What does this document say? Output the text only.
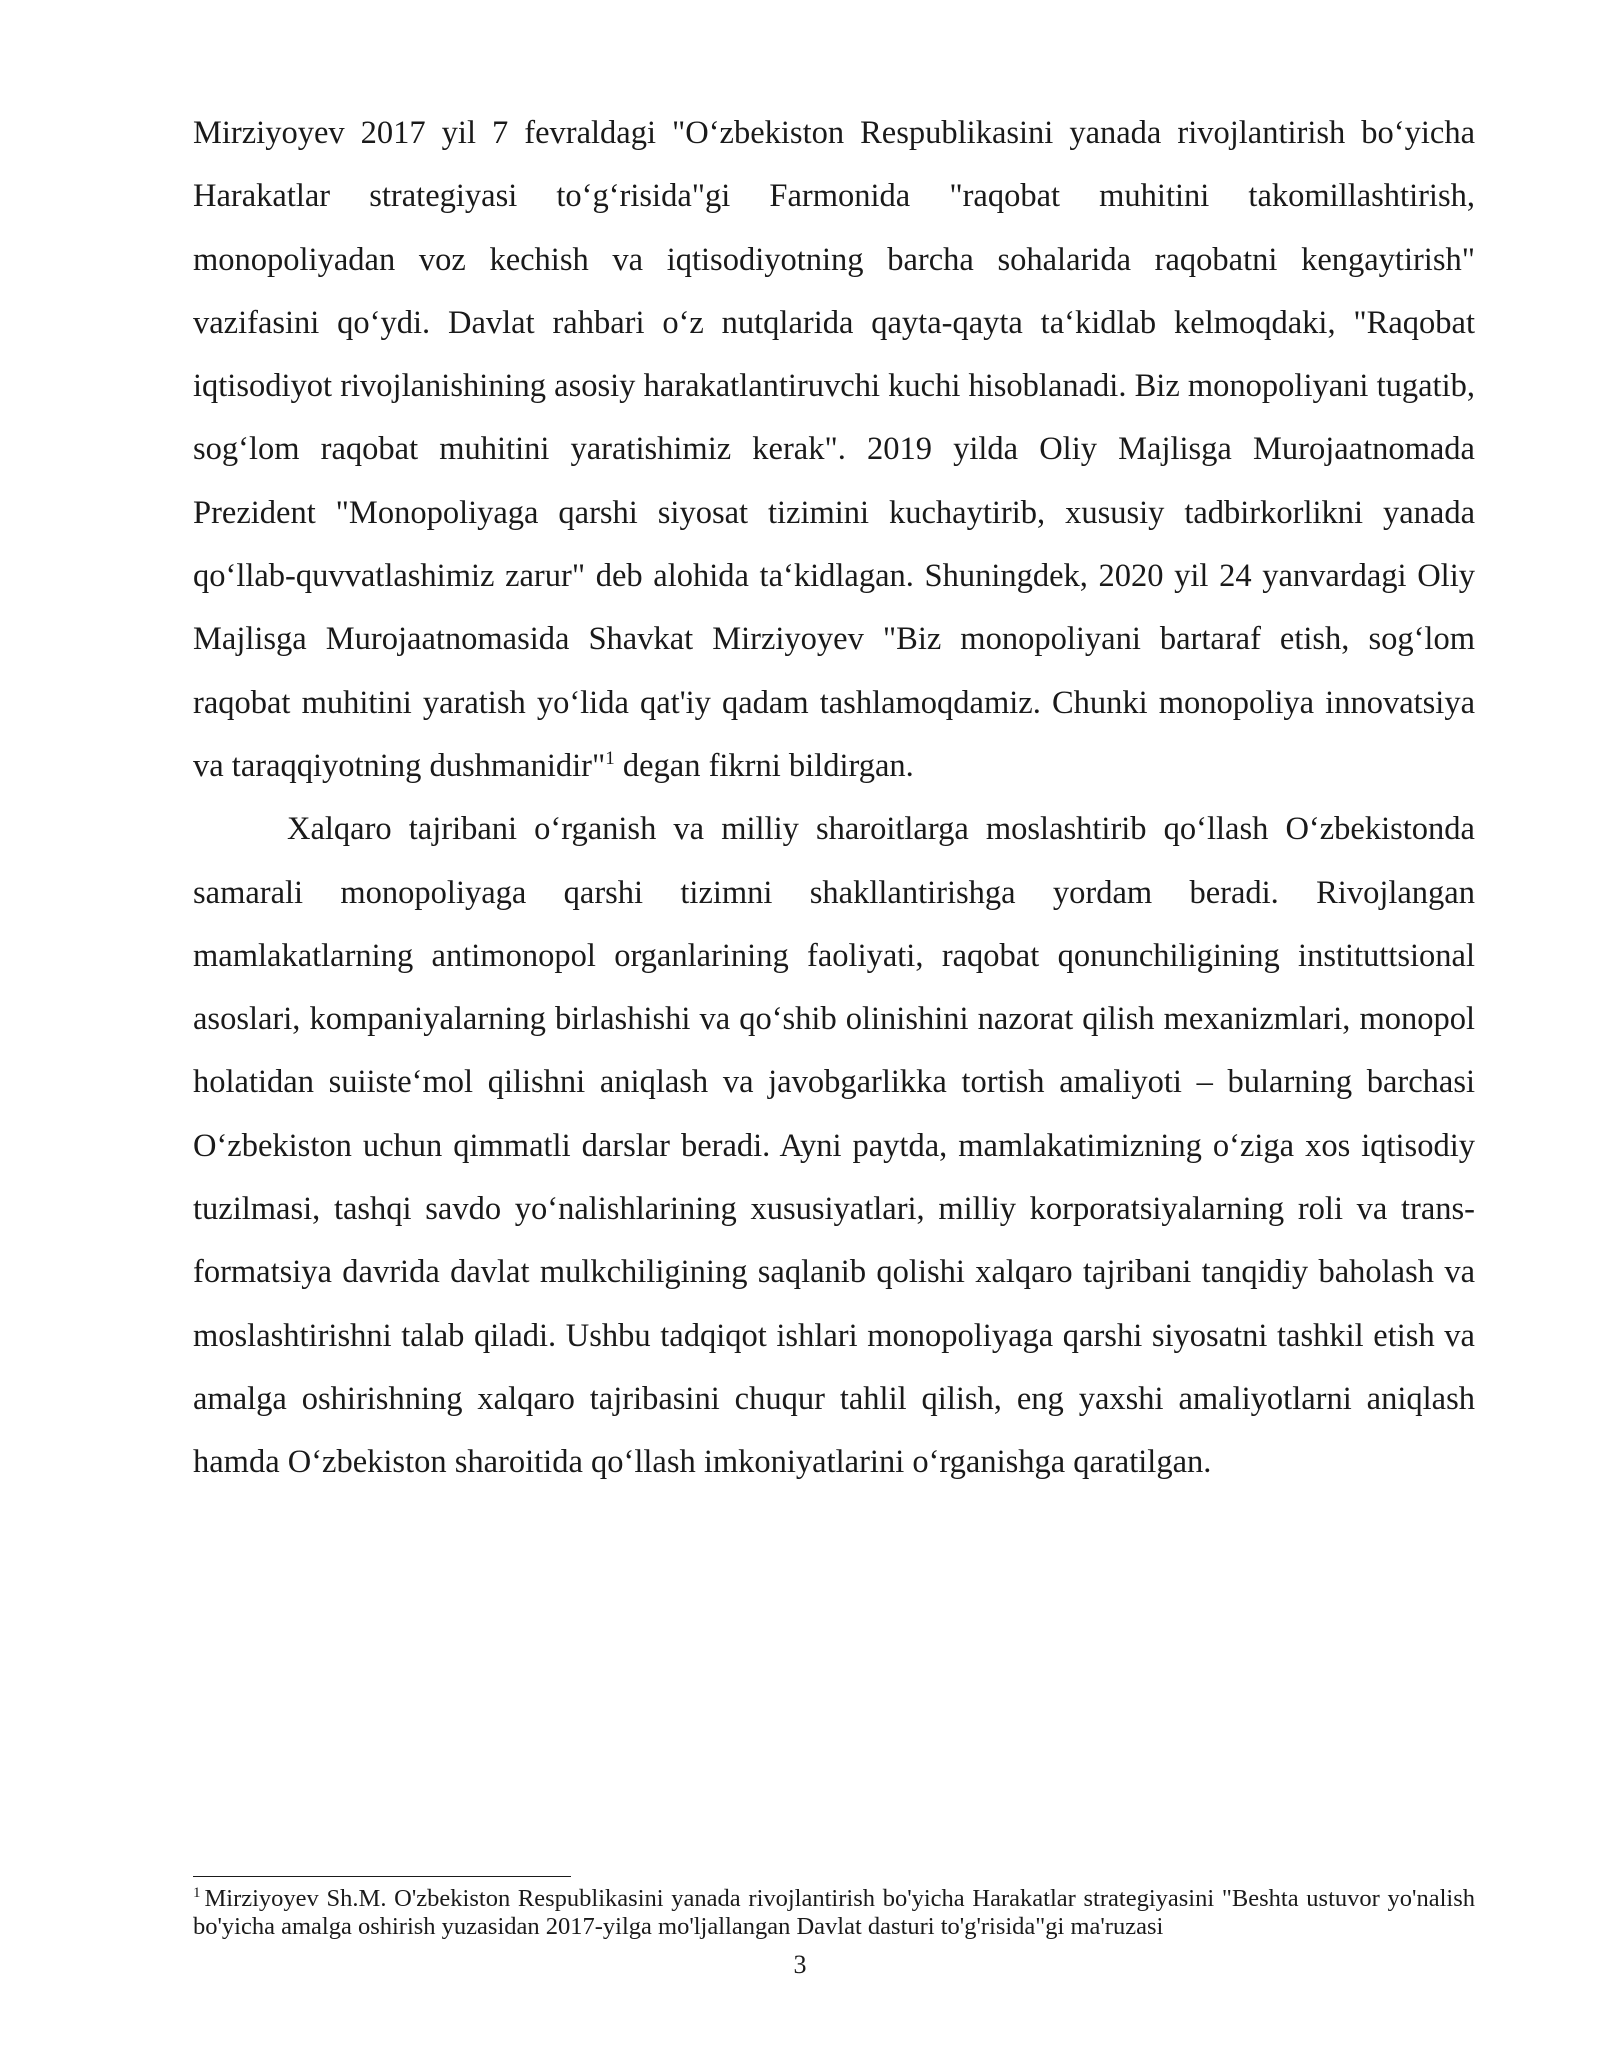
Mirziyoyev 2017 yil 7 fevraldagi "O‘zbekiston Respublikasini yanada rivojlantirish bo‘yicha Harakatlar strategiyasi to‘g‘risida"gi Farmonida "raqobat muhitini takomillashtirish, monopoliyadan voz kechish va iqtisodiyotning barcha sohalarida raqobatni kengaytirish" vazifasini qo‘ydi. Davlat rahbari o‘z nutqlarida qayta-qayta ta‘kidlab kelmoqdaki, "Raqobat iqtisodiyot rivojlanishining asosiy harakatlantiruvchi kuchi hisoblanadi. Biz monopoliyani tugatib, sog‘lom raqobat muhitini yaratishimiz kerak". 2019 yilda Oliy Majlisga Murojaatnomada Prezident "Monopoliyaga qarshi siyosat tizimini kuchaytirib, xususiy tadbirkorlikni yanada qo‘llab-quvvatlashimiz zarur" deb alohida ta‘kidlagan. Shuningdek, 2020 yil 24 yanvardagi Oliy Majlisga Murojaatnomasida Shavkat Mirziyoyev "Biz monopoliyani bartaraf etish, sog‘lom raqobat muhitini yaratish yo‘lida qat'iy qadam tashlamoqdamiz. Chunki monopoliya innovatsiya va taraqqiyotning dushmanidir"$^1$ degan fikrni bildirgan.

Xalqaro tajribani o‘rganish va milliy sharoitlarga moslashtirib qo‘llash O‘zbekistonda samarali monopoliyaga qarshi tizimni shakllantirishga yordam beradi. Rivojlangan mamlakatlarning antimonopol organlarining faoliyati, raqobat qonunchiligining instituttsional asoslari, kompaniyalarning birlashishi va qo‘shib olinishini nazorat qilish mexanizmlari, monopol holatidan suiiste‘mol qilishni aniqlash va javobgarlikka tortish amaliyoti – bularning barchasi O‘zbekiston uchun qimmatli darslar beradi. Ayni paytda, mamlakatimizning o‘ziga xos iqtisodiy tuzilmasi, tashqi savdo yo‘nalishlarining xususiyatlari, milliy korporatsiyalarning roli va trans-formatsiya davrida davlat mulkchiligining saqlanib qolishi xalqaro tajribani tanqidiy baholash va moslashtirishni talab qiladi. Ushbu tadqiqot ishlari monopoliyaga qarshi siyosatni tashkil etish va amalga oshirishning xalqaro tajribasini chuqur tahlil qilish, eng yaxshi amaliyotlarni aniqlash hamda O‘zbekiston sharoitida qo‘llash imkoniyatlarini o‘rganishga qaratilgan.

$^1$ Mirziyoyev Sh.M. O'zbekiston Respublikasini yanada rivojlantirish bo'yicha Harakatlar strategiyasini "Beshta ustuvor yo'nalish bo'yicha amalga oshirish yuzasidan 2017-yilga mo'ljallangan Davlat dasturi to'g'risida"gi ma'ruzasi

3
